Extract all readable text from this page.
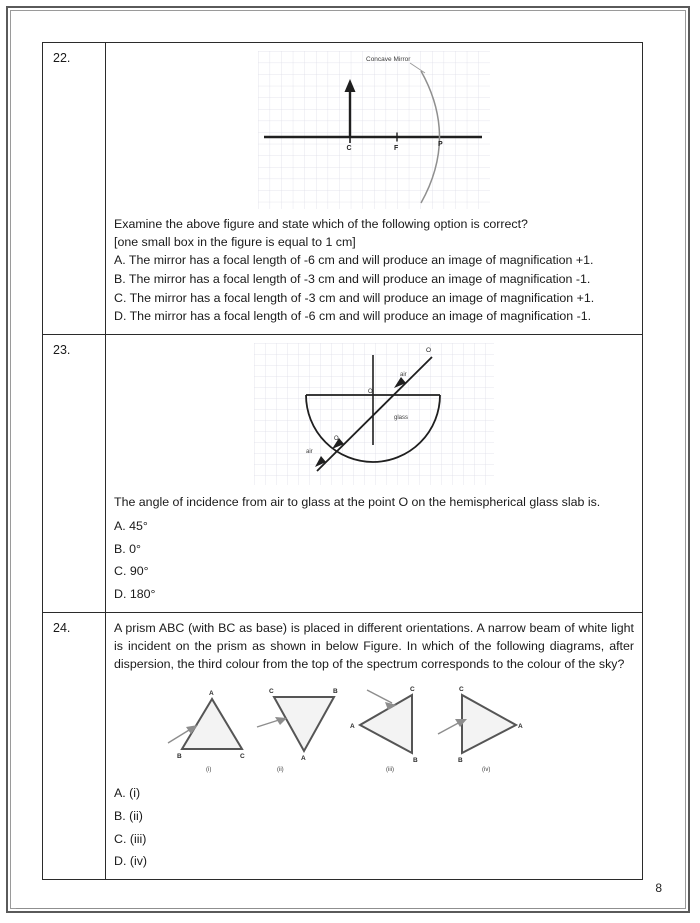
22.	Concave Mirror
C	F
P

Examine the above figure and state which of the following option is correct?

[one small box in the figure is equal to 1 cm]

A. The mirror has a focal length of -6 cm and will produce an image of magnification +1.

B. The mirror has a focal length of -3 cm and will produce an image of magnification -1.

C. The mirror has a focal length of -3 cm and will produce an image of magnification +1.

D. The mirror has a focal length of -6 cm and will produce an image of magnification -1.

23.	O
O
O
air
glass
air

The angle of incidence from air to glass at the point O on the hemispherical glass slab is.

A. 45°

B. 0°

C. 90°

D. 180°

24.	A prism ABC (with BC as base) is placed in different orientations. A narrow beam of white light is incident on the prism as shown in below Figure. In which of the following diagrams, after dispersion, the third colour from the top of the spectrum corresponds to the colour of the sky?

A
B	C
(i)
C	B
A
(ii)
A
C
B
(iii)
C
B
A
(iv)

A. (i)

B. (ii)

C. (iii)

D. (iv)

8
